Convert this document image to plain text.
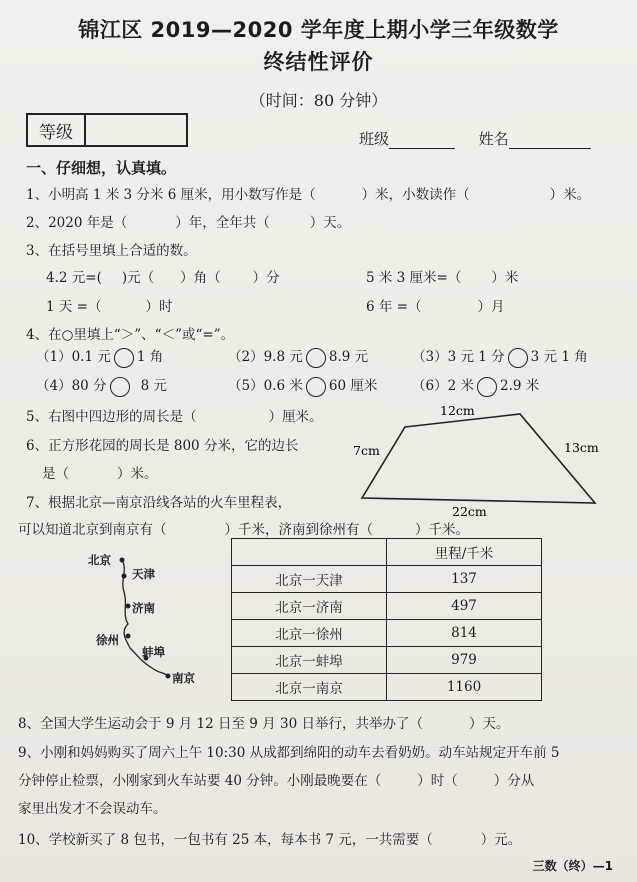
锦江区 2019—2020 学年度上期小学三年级数学
终结性评价
（时间：80 分钟）
等级	班级	姓名
一、仔细想，认真填。
1、小明高 1 米 3 分米 6 厘米，用小数写作是（	）米，小数读作（	）米。
2、2020 年是（	）年，全年共（	）天。
3、在括号里填上合适的数。
4.2 元=( )元（ ）角（ ）分	5 米 3 厘米=（ ）米
1 天 =（	）时	6 年 =（	）月
4、在○里填上“＞”、“＜”或“=”。
（1）0.1 元 1 角	（2）9.8 元 8.9 元	（3）3 元 1 分 3 元 1 角
（4）80 分	8 元	（5）0.6 米 60 厘米	（6）2 米 2.9 米
5、右图中四边形的周长是（	）厘米。
6、正方形花园的周长是 800 分米，它的边长
是（	）米。
12cm
7cm	13cm
22cm
7、根据北京—南京沿线各站的火车里程表，
可以知道北京到南京有（	）千米，济南到徐州有（	）千米。
北京
天津
济南
徐州
蚌埠
南京
	里程/千米
北京一天津	137
北京一济南	497
北京一徐州	814
北京一蚌埠	979
北京一南京	1160
8、全国大学生运动会于 9 月 12 日至 9 月 30 日举行，共举办了（	）天。
9、小刚和妈妈购买了周六上午 10:30 从成都到绵阳的动车去看奶奶。动车站规定开车前 5
分钟停止检票，小刚家到火车站要 40 分钟。小刚最晚要在（	）时（	）分从
家里出发才不会误动车。
10、学校新买了 8 包书，一包书有 25 本，每本书 7 元，一共需要（	）元。
三数（终）—1
